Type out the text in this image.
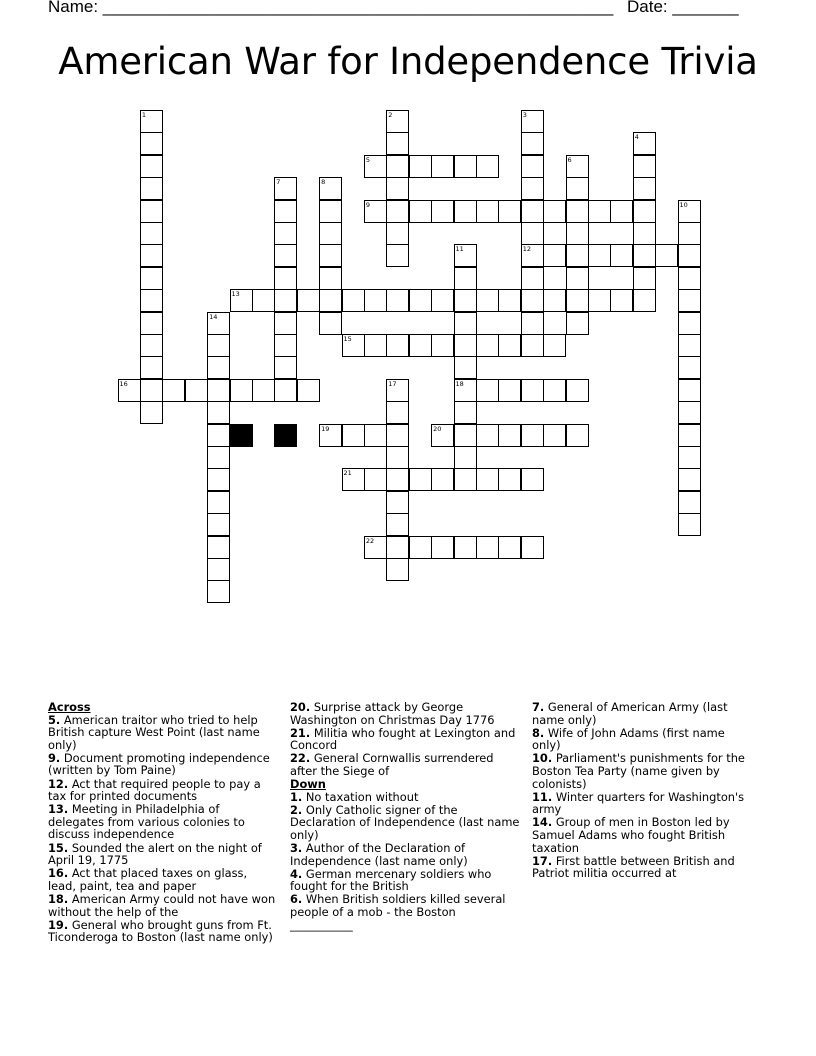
Name: ______________________________________________________ Date: _______
American War for Independence Trivia
5
9
12
13
15
16	18
19	20
21
22
1	2	3
4
6
7	8
10
11
14
17
Across
5. American traitor who tried to help British capture West Point (last name only)
9. Document promoting independence (written by Tom Paine)
12. Act that required people to pay a tax for printed documents
13. Meeting in Philadelphia of delegates from various colonies to discuss independence
15. Sounded the alert on the night of April 19, 1775
16. Act that placed taxes on glass, lead, paint, tea and paper
18. American Army could not have won without the help of the
19. General who brought guns from Ft. Ticonderoga to Boston (last name only)
20. Surprise attack by George Washington on Christmas Day 1776
21. Militia who fought at Lexington and Concord
22. General Cornwallis surrendered after the Siege of
Down
1. No taxation without
2. Only Catholic signer of the Declaration of Independence (last name only)
3. Author of the Declaration of Independence (last name only)
4. German mercenary soldiers who fought for the British
6. When British soldiers killed several people of a mob - the Boston ___________
7. General of American Army (last name only)
8. Wife of John Adams (first name only)
10. Parliament's punishments for the Boston Tea Party (name given by colonists)
11. Winter quarters for Washington's army
14. Group of men in Boston led by Samuel Adams who fought British taxation
17. First battle between British and Patriot militia occurred at
